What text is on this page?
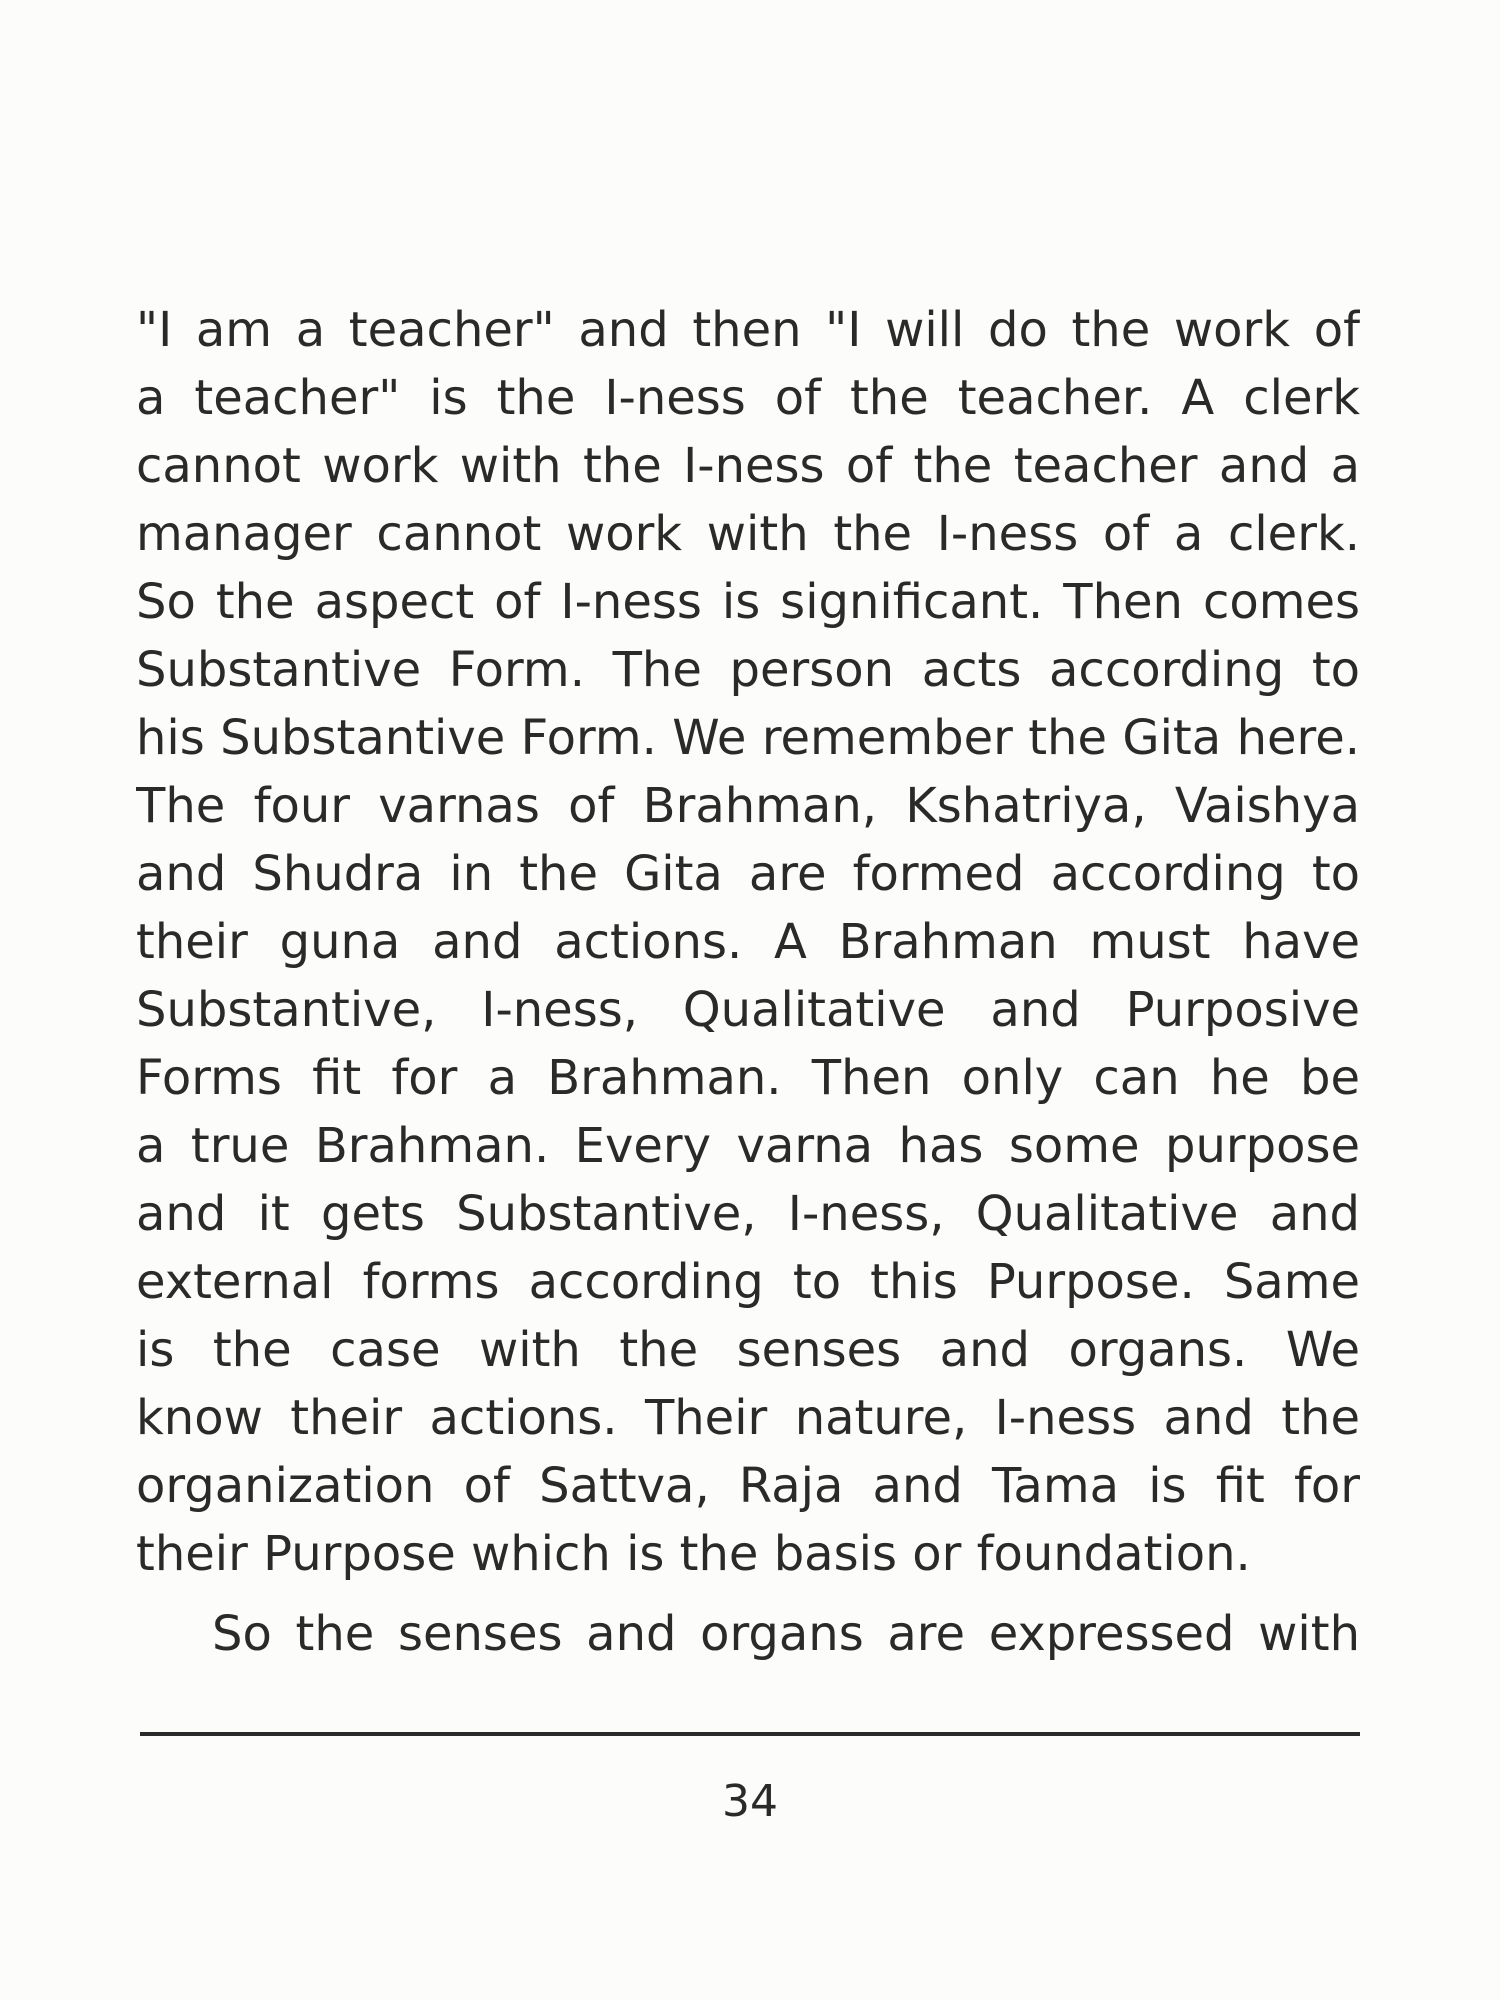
"I am a teacher" and then "I will do the work of
a teacher" is the I-ness of the teacher. A clerk
cannot work with the I-ness of the teacher and a
manager cannot work with the I-ness of a clerk.
So the aspect of I-ness is significant. Then comes
Substantive Form. The person acts according to
his Substantive Form. We remember the Gita here.
The four varnas of Brahman, Kshatriya, Vaishya
and Shudra in the Gita are formed according to
their guna and actions. A Brahman must have
Substantive, I-ness, Qualitative and Purposive
Forms fit for a Brahman. Then only can he be
a true Brahman. Every varna has some purpose
and it gets Substantive, I-ness, Qualitative and
external forms according to this Purpose. Same
is the case with the senses and organs. We
know their actions. Their nature, I-ness and the
organization of Sattva, Raja and Tama is fit for
their Purpose which is the basis or foundation.
So the senses and organs are expressed with
34
